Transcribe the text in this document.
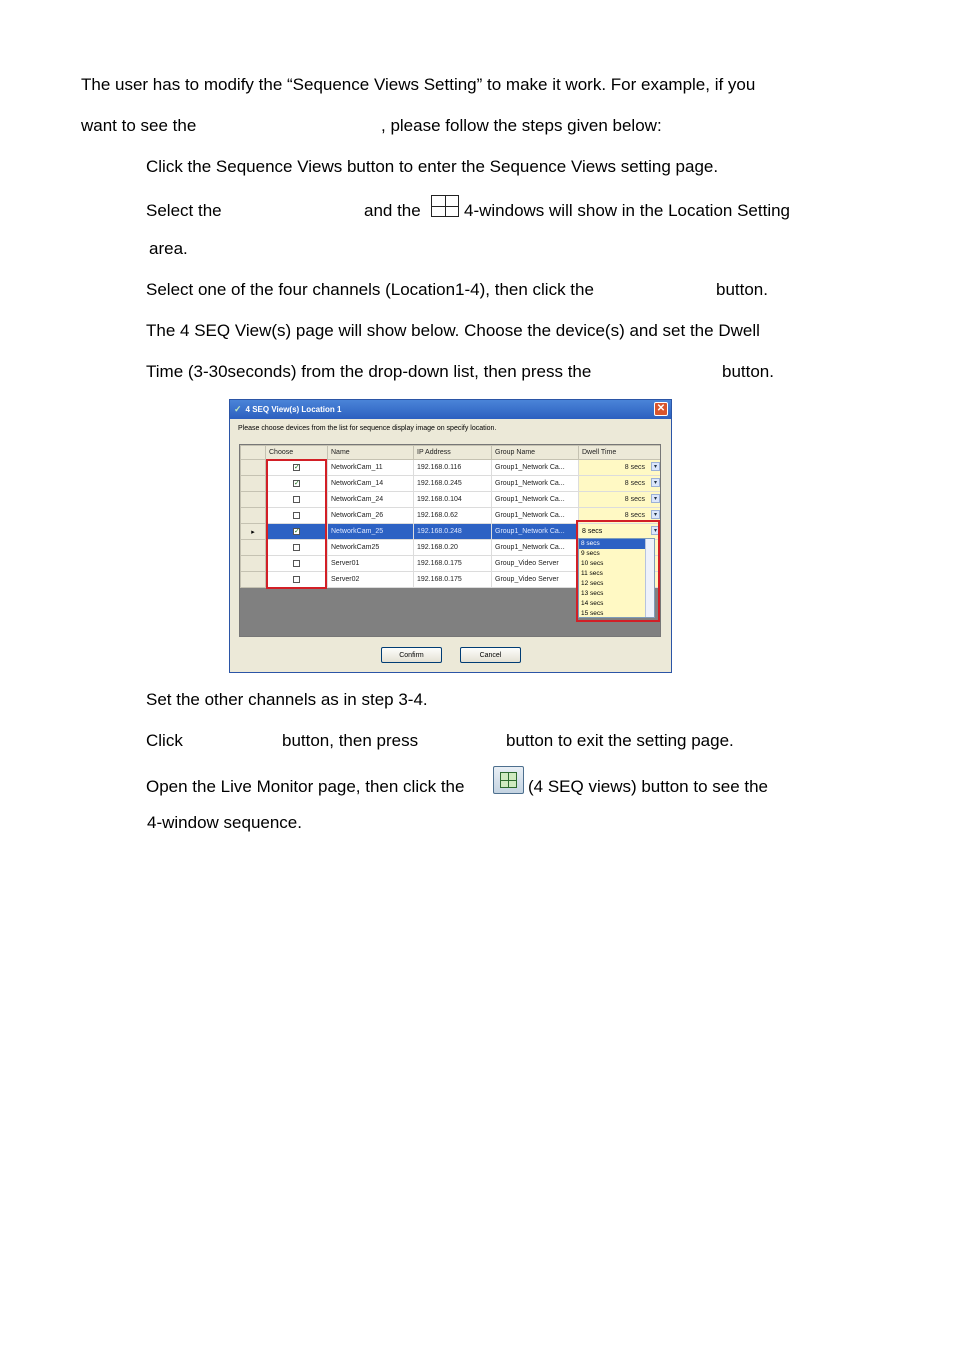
The user has to modify the “Sequence Views Setting” to make it work. For example, if you
want to see the	, please follow the steps given below:
Click the Sequence Views button to enter the Sequence Views setting page.
Select the	and the	4-windows will show in the Location Setting
area.
Select one of the four channels (Location1-4), then click the	button.
The 4 SEQ View(s) page will show below. Choose the device(s) and set the Dwell
Time (3-30seconds) from the drop-down list, then press the	button.
✓ 4 SEQ View(s) Location 1	✕
Please choose devices from the list for sequence display image on specify location.
	Choose	Name	IP Address	Group Name	Dwell Time
	✓	NetworkCam_11	192.168.0.116	Group1_Network Ca...	8 secs ▾

	✓	NetworkCam_14	192.168.0.245	Group1_Network Ca...	8 secs ▾

		NetworkCam_24	192.168.0.104	Group1_Network Ca...	8 secs ▾

		NetworkCam_26	192.168.0.62	Group1_Network Ca...	8 secs ▾

▸	✓	NetworkCam_25	192.168.0.248	Group1_Network Ca...	8 secs ▾

		NetworkCam25	192.168.0.20	Group1_Network Ca...	
		Server01	192.168.0.175	Group_Video Server	
		Server02	192.168.0.175	Group_Video Server	
8 secs
9 secs
10 secs
11 secs
12 secs
13 secs
14 secs
15 secs
Confirm	Cancel
Set the other channels as in step 3-4.
Click	button, then press	button to exit the setting page.
Open the Live Monitor page, then click the	(4 SEQ views) button to see the
4-window sequence.
